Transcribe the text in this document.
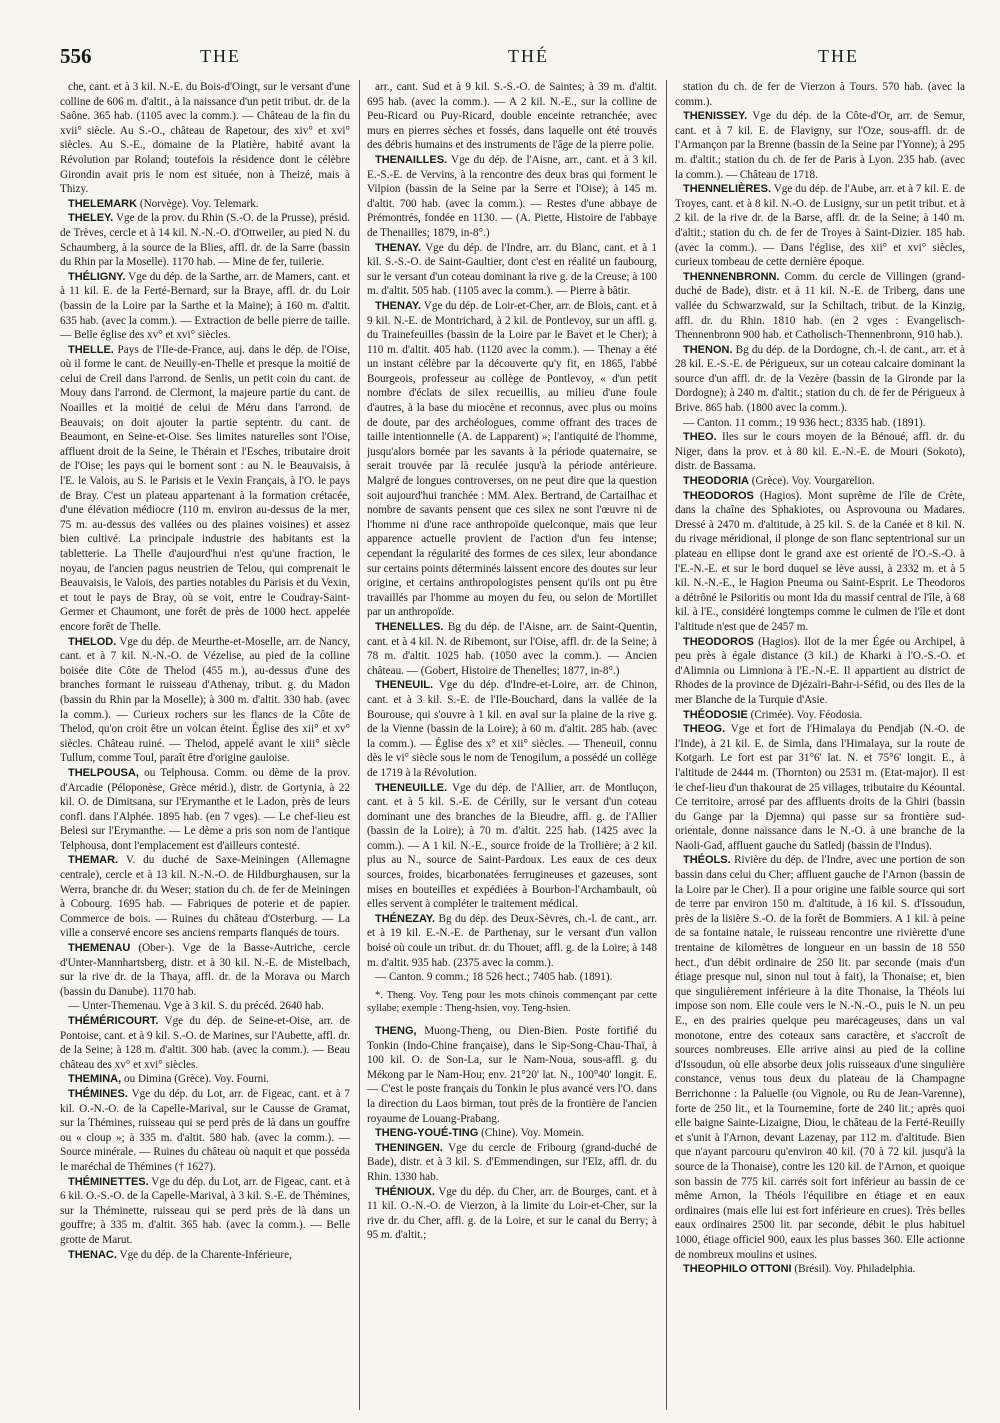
556	THE	THÉ	THE

che, cant. et à 3 kil. N.-E. du Bois-d'Oingt, sur le versant d'une colline de 606 m. d'altit., à la naissance d'un petit tribut. dr. de la Saône. 365 hab. (1105 avec la comm.). — Château de la fin du xvii° siècle. Au S.-O., château de Rapetour, des xiv° et xvi° siècles. Au S.-E., domaine de la Platière, habité avant la Révolution par Roland; toutefois la résidence dont le célèbre Girondin avait pris le nom est située, non à Theizé, mais à Thizy.

THELEMARK (Norvège). Voy. Telemark.

THELEY. Vge de la prov. du Rhin (S.-O. de la Prusse), présid. de Trèves, cercle et à 14 kil. N.-N.-O. d'Ottweiler, au pied N. du Schaumberg, à la source de la Blies, affl. dr. de la Sarre (bassin du Rhin par la Moselle). 1170 hab. — Mine de fer, tuilerie.

THÉLIGNY. Vge du dép. de la Sarthe, arr. de Mamers, cant. et à 11 kil. E. de la Ferté-Bernard, sur la Braye, affl. dr. du Loir (bassin de la Loire par la Sarthe et la Maine); à 160 m. d'altit. 635 hab. (avec la comm.). — Extraction de belle pierre de taille. — Belle église des xv° et xvi° siècles.

THELLE. Pays de l'Ile-de-France, auj. dans le dép. de l'Oise, où il forme le cant. de Neuilly-en-Thelle et presque la moitié de celui de Creil dans l'arrond. de Senlis, un petit coin du cant. de Mouy dans l'arrond. de Clermont, la majeure partie du cant. de Noailles et la moitié de celui de Méru dans l'arrond. de Beauvais; on doit ajouter la partie septentr. du cant. de Beaumont, en Seine-et-Oise. Ses limites naturelles sont l'Oise, affluent droit de la Seine, le Thérain et l'Esches, tributaire droit de l'Oise; les pays qui le bornent sont : au N. le Beauvaisis, à l'E. le Valois, au S. le Parisis et le Vexin Français, à l'O. le pays de Bray. C'est un plateau appartenant à la formation crétacée, d'une élévation médiocre (110 m. environ au-dessus de la mer, 75 m. au-dessus des vallées ou des plaines voisines) et assez bien cultivé. La principale industrie des habitants est la tabletterie. La Thelle d'aujourd'hui n'est qu'une fraction, le noyau, de l'ancien pagus neustrien de Telou, qui comprenait le Beauvaisis, le Valois, des parties notables du Parisis et du Vexin, et tout le pays de Bray, où se voit, entre le Coudray-Saint-Germer et Chaumont, une forêt de près de 1000 hect. appelée encore forêt de Thelle.

THELOD. Vge du dép. de Meurthe-et-Moselle, arr. de Nancy, cant. et à 7 kil. N.-N.-O. de Vézelise, au pied de la colline boisée dite Côte de Thelod (455 m.), au-dessus d'une des branches formant le ruisseau d'Athenay, tribut. g. du Madon (bassin du Rhin par la Moselle); à 300 m. d'altit. 330 hab. (avec la comm.). — Curieux rochers sur les flancs de la Côte de Thelod, qu'on croit être un volcan éteint. Église des xii° et xv° siècles. Château ruiné. — Thelod, appelé avant le xiii° siècle Tullum, comme Toul, paraît être d'origine gauloise.

THELPOUSA, ou Telphousa. Comm. ou dème de la prov. d'Arcadie (Péloponèse, Grèce mérid.), distr. de Gortynia, à 22 kil. O. de Dimitsana, sur l'Erymanthe et le Ladon, près de leurs confl. dans l'Alphée. 1895 hab. (en 7 vges). — Le chef-lieu est Belesi sur l'Erymanthe. — Le dème a pris son nom de l'antique Telphousa, dont l'emplacement est d'ailleurs contesté.

THEMAR. V. du duché de Saxe-Meiningen (Allemagne centrale), cercle et à 13 kil. N.-N.-O. de Hildburghausen, sur la Werra, branche dr. du Weser; station du ch. de fer de Meiningen à Cobourg. 1695 hab. — Fabriques de poterie et de papier. Commerce de bois. — Ruines du château d'Osterburg. — La ville a conservé encore ses anciens remparts flanqués de tours.

THEMENAU (Ober-). Vge de la Basse-Autriche, cercle d'Unter-Mannhartsberg, distr. et à 30 kil. N.-E. de Mistelbach, sur la rive dr. de la Thaya, affl. dr. de la Morava ou March (bassin du Danube). 1170 hab.

— Unter-Themenau. Vge à 3 kil. S. du précéd. 2640 hab.

THÉMÉRICOURT. Vge du dép. de Seine-et-Oise, arr. de Pontoise, cant. et à 9 kil. S.-O. de Marines, sur l'Aubette, affl. dr. de la Seine; à 128 m. d'altit. 300 hab. (avec la comm.). — Beau château des xv° et xvi° siècles.

THEMINA, ou Dimina (Grèce). Voy. Fourni.

THÉMINES. Vge du dép. du Lot, arr. de Figeac, cant. et à 7 kil. O.-N.-O. de la Capelle-Marival, sur le Causse de Gramat, sur la Thémines, ruisseau qui se perd près de là dans un gouffre ou « cloup »; à 335 m. d'altit. 580 hab. (avec la comm.). — Source minérale. — Ruines du château où naquit et que posséda le maréchal de Thémines († 1627).

THÉMINETTES. Vge du dép. du Lot, arr. de Figeac, cant. et à 6 kil. O.-S.-O. de la Capelle-Marival, à 3 kil. S.-E. de Thémines, sur la Théminette, ruisseau qui se perd près de là dans un gouffre; à 335 m. d'altit. 365 hab. (avec la comm.). — Belle grotte de Marut.

THENAC. Vge du dép. de la Charente-Inférieure,

arr., cant. Sud et à 9 kil. S.-S.-O. de Saintes; à 39 m. d'altit. 695 hab. (avec la comm.). — A 2 kil. N.-E., sur la colline de Peu-Ricard ou Puy-Ricard, double enceinte retranchée, avec murs en pierres sèches et fossés, dans laquelle ont été trouvés des débris humains et des instruments de l'âge de la pierre polie.

THENAILLES. Vge du dép. de l'Aisne, arr., cant. et à 3 kil. E.-S.-E. de Vervins, à la rencontre des deux bras qui forment le Vilpion (bassin de la Seine par la Serre et l'Oise); à 145 m. d'altit. 700 hab. (avec la comm.). — Restes d'une abbaye de Prémontrés, fondée en 1130. — (A. Piette, Histoire de l'abbaye de Thenailles; 1879, in-8°.)

THENAY. Vge du dép. de l'Indre, arr. du Blanc, cant. et à 1 kil. S.-S.-O. de Saint-Gaultier, dont c'est en réalité un faubourg, sur le versant d'un coteau dominant la rive g. de la Creuse; à 100 m. d'altit. 505 hab. (1105 avec la comm.). — Pierre à bâtir.

THENAY. Vge du dép. de Loir-et-Cher, arr. de Blois, cant. et à 9 kil. N.-E. de Montrichard, à 2 kil. de Pontlevoy, sur un affl. g. du Trainefeuilles (bassin de la Loire par le Bavet et le Cher); à 110 m. d'altit. 405 hab. (1120 avec la comm.). — Thenay a été un instant célèbre par la découverte qu'y fit, en 1865, l'abbé Bourgeois, professeur au collège de Pontlevoy, « d'un petit nombre d'éclats de silex recueillis, au milieu d'une foule d'autres, à la base du miocène et reconnus, avec plus ou moins de doute, par des archéologues, comme offrant des traces de taille intentionnelle (A. de Lapparent) »; l'antiquité de l'homme, jusqu'alors bornée par les savants à la période quaternaire, se serait trouvée par là reculée jusqu'à la période antérieure. Malgré de longues controverses, on ne peut dire que la question soit aujourd'hui tranchée : MM. Alex. Bertrand, de Cartailhac et nombre de savants pensent que ces silex ne sont l'œuvre ni de l'homme ni d'une race anthropoïde quelconque, mais que leur apparence actuelle provient de l'action d'un feu intense; cependant la régularité des formes de ces silex, leur abondance sur certains points déterminés laissent encore des doutes sur leur origine, et certains anthropologistes pensent qu'ils ont pu être travaillés par l'homme au moyen du feu, ou selon de Mortillet par un anthropoïde.

THENELLES. Bg du dép. de l'Aisne, arr. de Saint-Quentin, cant. et à 4 kil. N. de Ribemont, sur l'Oise, affl. dr. de la Seine; à 78 m. d'altit. 1025 hab. (1050 avec la comm.). — Ancien château. — (Gobert, Histoire de Thenelles; 1877, in-8°.)

THENEUIL. Vge du dép. d'Indre-et-Loire, arr. de Chinon, cant. et à 3 kil. S.-E. de l'Ile-Bouchard, dans la vallée de la Bourouse, qui s'ouvre à 1 kil. en aval sur la plaine de la rive g. de la Vienne (bassin de la Loire); à 60 m. d'altit. 285 hab. (avec la comm.). — Église des x° et xii° siècles. — Theneuil, connu dès le vi° siècle sous le nom de Tenogilum, a possédé un collège de 1719 à la Révolution.

THENEUILLE. Vge du dép. de l'Allier, arr. de Montluçon, cant. et à 5 kil. S.-E. de Cérilly, sur le versant d'un coteau dominant une des branches de la Bieudre, affl. g. de l'Allier (bassin de la Loire); à 70 m. d'altit. 225 hab. (1425 avec la comm.). — A 1 kil. N.-E., source froide de la Trollière; à 2 kil. plus au N., source de Saint-Pardoux. Les eaux de ces deux sources, froides, bicarbonatées ferrugineuses et gazeuses, sont mises en bouteilles et expédiées à Bourbon-l'Archambault, où elles servent à compléter le traitement médical.

THÉNEZAY. Bg du dép. des Deux-Sèvres, ch.-l. de cant., arr. et à 19 kil. E.-N.-E. de Parthenay, sur le versant d'un vallon boisé où coule un tribut. dr. du Thouet, affl. g. de la Loire; à 148 m. d'altit. 935 hab. (2375 avec la comm.).

— Canton. 9 comm.; 18 526 hect.; 7405 hab. (1891).

*. Theng. Voy. Teng pour les mots chinois commençant par cette syllabe; exemple : Theng-hsien, voy. Teng-hsien.

THENG, Muong-Theng, ou Dien-Bien. Poste fortifié du Tonkin (Indo-Chine française), dans le Sip-Song-Chau-Thaï, à 100 kil. O. de Son-La, sur le Nam-Noua, sous-affl. g. du Mékong par le Nam-Hou; env. 21°20' lat. N., 100°40' longit. E. — C'est le poste français du Tonkin le plus avancé vers l'O. dans la direction du Laos birman, tout près de la frontière de l'ancien royaume de Louang-Prabang.

THENG-YOUÉ-TING (Chine). Voy. Momein.

THENINGEN. Vge du cercle de Fribourg (grand-duché de Bade), distr. et à 3 kil. S. d'Emmendingen, sur l'Elz, affl. dr. du Rhin. 1330 hab.

THÉNIOUX. Vge du dép. du Cher, arr. de Bourges, cant. et à 11 kil. O.-N.-O. de Vierzon, à la limite du Loir-et-Cher, sur la rive dr. du Cher, affl. g. de la Loire, et sur le canal du Berry; à 95 m. d'altit.;

station du ch. de fer de Vierzon à Tours. 570 hab. (avec la comm.).

THENISSEY. Vge du dép. de la Côte-d'Or, arr. de Semur, cant. et à 7 kil. E. de Flavigny, sur l'Oze, sous-affl. dr. de l'Armançon par la Brenne (bassin de la Seine par l'Yonne); à 295 m. d'altit.; station du ch. de fer de Paris à Lyon. 235 hab. (avec la comm.). — Château de 1718.

THENNELIÈRES. Vge du dép. de l'Aube, arr. et à 7 kil. E. de Troyes, cant. et à 8 kil. N.-O. de Lusigny, sur un petit tribut. et à 2 kil. de la rive dr. de la Barse, affl. dr. de la Seine; à 140 m. d'altit.; station du ch. de fer de Troyes à Saint-Dizier. 185 hab. (avec la comm.). — Dans l'église, des xii° et xvi° siècles, curieux tombeau de cette dernière époque.

THENNENBRONN. Comm. du cercle de Villingen (grand-duché de Bade), distr. et à 11 kil. N.-E. de Triberg, dans une vallée du Schwarzwald, sur la Schiltach, tribut. de la Kinzig, affl. dr. du Rhin. 1810 hab. (en 2 vges : Evangelisch-Thennenbronn 900 hab. et Catholisch-Thennenbronn, 910 hab.).

THENON. Bg du dép. de la Dordogne, ch.-l. de cant., arr. et à 28 kil. E.-S.-E. de Périgueux, sur un coteau calcaire dominant la source d'un affl. dr. de la Vezère (bassin de la Gironde par la Dordogne); à 240 m. d'altit.; station du ch. de fer de Périgueux à Brive. 865 hab. (1800 avec la comm.).

— Canton. 11 comm.; 19 936 hect.; 8335 hab. (1891).

THEO. Iles sur le cours moyen de la Bénoué, affl. dr. du Niger, dans la prov. et à 80 kil. E.-N.-E. de Mouri (Sokoto), distr. de Bassama.

THEODORIA (Grèce). Voy. Vourgarelion.

THEODOROS (Hagios). Mont suprême de l'île de Crète, dans la chaîne des Sphakiotes, ou Asprovouna ou Madares. Dressé à 2470 m. d'altitude, à 25 kil. S. de la Canée et 8 kil. N. du rivage méridional, il plonge de son flanc septentrional sur un plateau en ellipse dont le grand axe est orienté de l'O.-S.-O. à l'E.-N.-E. et sur le bord duquel se lève aussi, à 2332 m. et à 5 kil. N.-N.-E., le Hagion Pneuma ou Saint-Esprit. Le Theodoros a détrôné le Psiloritis ou mont Ida du massif central de l'île, à 68 kil. à l'E., considéré longtemps comme le culmen de l'île et dont l'altitude n'est que de 2457 m.

THEODOROS (Hagios). Ilot de la mer Égée ou Archipel, à peu près à égale distance (3 kil.) de Kharki à l'O.-S.-O. et d'Alimnia ou Limniona à l'E.-N.-E. Il appartient au district de Rhodes de la province de Djézaïri-Bahr-i-Séfid, ou des Iles de la mer Blanche de la Turquie d'Asie.

THÉODOSIE (Crimée). Voy. Féodosia.

THEOG. Vge et fort de l'Himalaya du Pendjab (N.-O. de l'Inde), à 21 kil. E. de Simla, dans l'Himalaya, sur la route de Kotgarh. Le fort est par 31°6' lat. N. et 75°6' longit. E., à l'altitude de 2444 m. (Thornton) ou 2531 m. (Etat-major). Il est le chef-lieu d'un thakourat de 25 villages, tributaire du Kéountal. Ce territoire, arrosé par des affluents droits de la Ghiri (bassin du Gange par la Djemna) qui passe sur sa frontière sud-orientale, donne naissance dans le N.-O. à une branche de la Naoli-Gad, affluent gauche du Satledj (bassin de l'Indus).

THÉOLS. Rivière du dép. de l'Indre, avec une portion de son bassin dans celui du Cher; affluent gauche de l'Arnon (bassin de la Loire par le Cher). Il a pour origine une faible source qui sort de terre par environ 150 m. d'altitude, à 16 kil. S. d'Issoudun, près de la lisière S.-O. de la forêt de Bommiers. A 1 kil. à peine de sa fontaine natale, le ruisseau rencontre une rivièrette d'une trentaine de kilomètres de longueur en un bassin de 18 550 hect., d'un débit ordinaire de 250 lit. par seconde (mais d'un étiage presque nul, sinon nul tout à fait), la Thonaise; et, bien que singulièrement inférieure à la dite Thonaise, la Théols lui impose son nom. Elle coule vers le N.-N.-O., puis le N. un peu E., en des prairies quelque peu marécageuses, dans un val monotone, entre des coteaux sans caractère, et s'accroît de sources nombreuses. Elle arrive ainsi au pied de la colline d'Issoudun, où elle absorbe deux jolis ruisseaux d'une singulière constance, venus tous deux du plateau de la Champagne Berrichonne : la Paluelle (ou Vignole, ou Ru de Jean-Varenne), forte de 250 lit., et la Tournemine, forte de 240 lit.; après quoi elle baigne Sainte-Lizaigne, Diou, le château de la Ferté-Reuilly et s'unit à l'Arnon, devant Lazenay, par 112 m. d'altitude. Bien que n'ayant parcouru qu'environ 40 kil. (70 à 72 kil. jusqu'à la source de la Thonaise), contre les 120 kil. de l'Arnon, et quoique son bassin de 775 kil. carrés soit fort inférieur au bassin de ce même Arnon, la Théols l'équilibre en étiage et en eaux ordinaires (mais elle lui est fort inférieure en crues). Très belles eaux ordinaires 2500 lit. par seconde, débit le plus habituel 1000, étiage officiel 900, eaux les plus basses 360. Elle actionne de nombreux moulins et usines.

THEOPHILO OTTONI (Brésil). Voy. Philadelphia.
